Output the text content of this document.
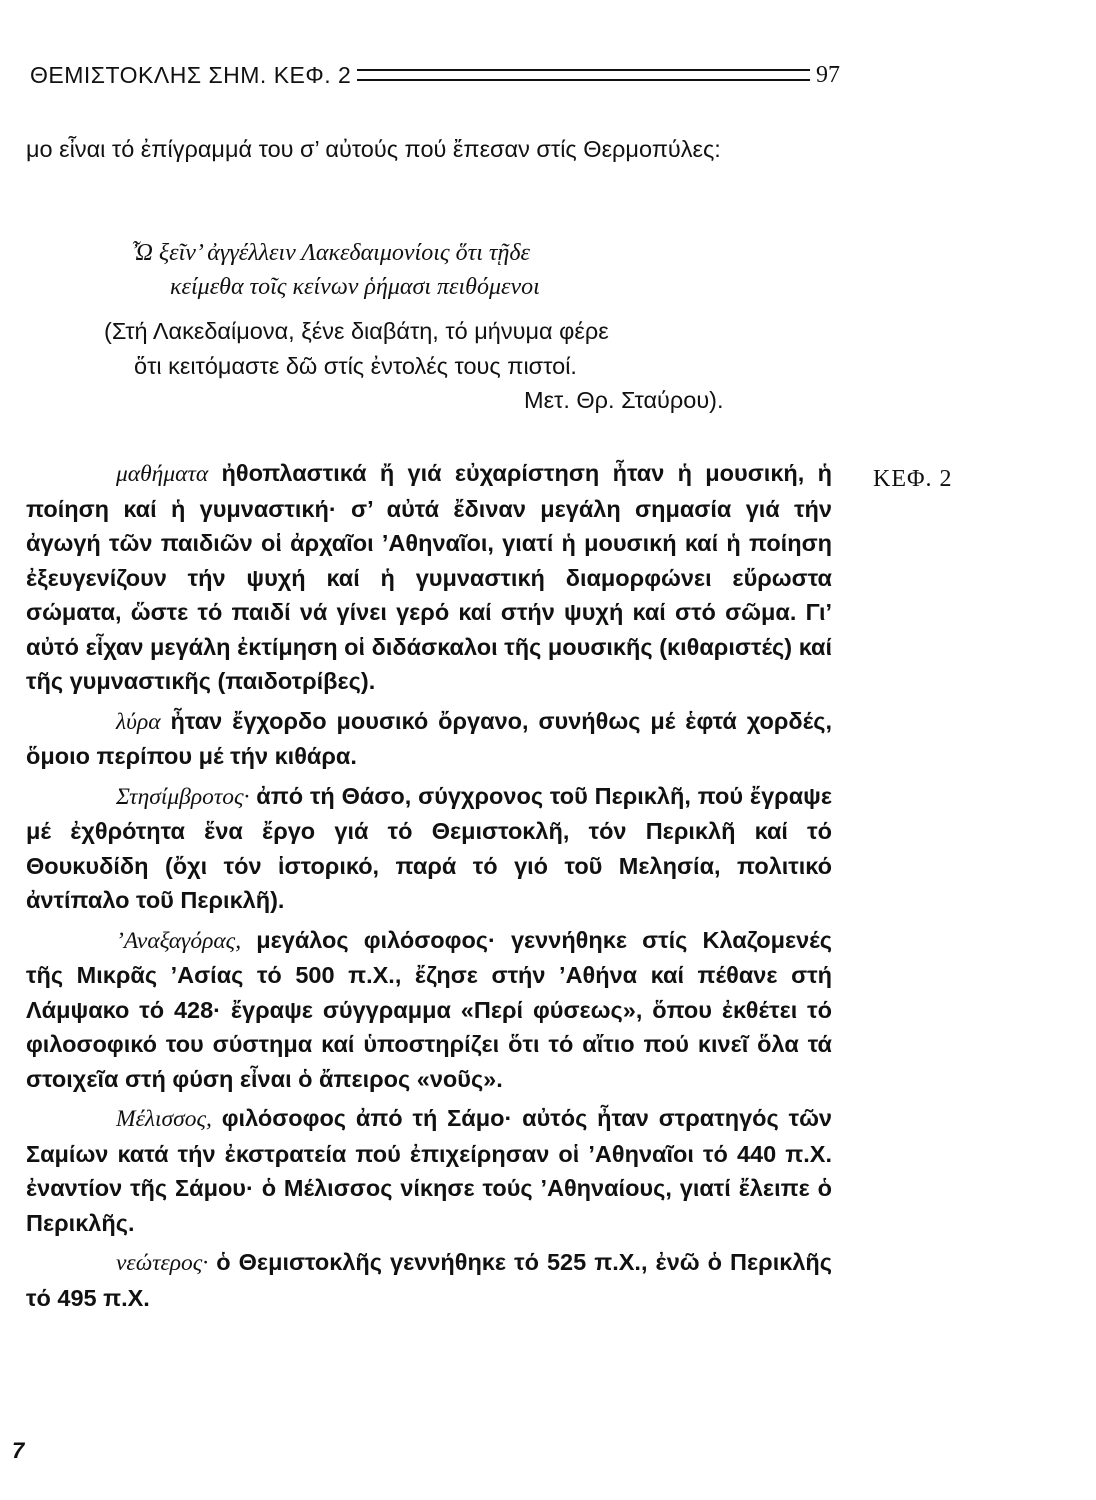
ΘΕΜΙΣΤΟΚΛΗΣ ΣΗΜ. ΚΕΦ. 2	97

μο εἶναι τό ἐπίγραμμά του σ’ αὐτούς πού ἔπεσαν στίς Θερμοπύλες:

Ὦ ξεῖν’ ἀγγέλλειν Λακεδαιμονίοις ὅτι τῇδε
κείμεθα τοῖς κείνων ῥήμασι πειθόμενοι
(Στή Λακεδαίμονα, ξένε διαβάτη, τό μήνυμα φέρε
ὅτι κειτόμαστε δῶ στίς ἐντολές τους πιστοί.
Μετ. Θρ. Σταύρου).
ΚΕΦ. 2

μαθήματα ἠθοπλαστικά ἤ γιά εὐχαρίστηση ἦταν ἡ μουσική, ἡ ποίηση καί ἡ γυμναστική· σ’ αὐτά ἔδιναν μεγάλη σημασία γιά τήν ἀγωγή τῶν παιδιῶν οἱ ἀρχαῖοι ’Αθηναῖοι, γιατί ἡ μουσική καί ἡ ποίηση ἐξευγενίζουν τήν ψυχή καί ἡ γυμναστική διαμορφώνει εὔρωστα σώματα, ὥστε τό παιδί νά γίνει γερό καί στήν ψυχή καί στό σῶμα. Γι’ αὐτό εἶχαν μεγάλη ἐκτίμηση οἱ διδάσκαλοι τῆς μουσικῆς (κιθαριστές) καί τῆς γυμναστικῆς (παιδοτρίβες).

λύρα ἦταν ἔγχορδο μουσικό ὄργανο, συνήθως μέ ἑφτά χορδές, ὅμοιο περίπου μέ τήν κιθάρα.

Στησίμβροτος· ἀπό τή Θάσο, σύγχρονος τοῦ Περικλῆ, πού ἔγραψε μέ ἐχθρότητα ἕνα ἔργο γιά τό Θεμιστοκλῆ, τόν Περικλῆ καί τό Θουκυδίδη (ὄχι τόν ἱστορικό, παρά τό γιό τοῦ Μελησία, πολιτικό ἀντίπαλο τοῦ Περικλῆ).

’Αναξαγόρας, μεγάλος φιλόσοφος· γεννήθηκε στίς Κλαζομενές τῆς Μικρᾶς ’Ασίας τό 500 π.Χ., ἔζησε στήν ’Αθήνα καί πέθανε στή Λάμψακο τό 428· ἔγραψε σύγγραμμα «Περί φύσεως», ὅπου ἐκθέτει τό φιλοσοφικό του σύστημα καί ὑποστηρίζει ὅτι τό αἴτιο πού κινεῖ ὅλα τά στοιχεῖα στή φύση εἶναι ὁ ἄπειρος «νοῦς».

Μέλισσος, φιλόσοφος ἀπό τή Σάμο· αὐτός ἦταν στρατηγός τῶν Σαμίων κατά τήν ἐκστρατεία πού ἐπιχείρησαν οἱ ’Αθηναῖοι τό 440 π.Χ. ἐναντίον τῆς Σάμου· ὁ Μέλισσος νίκησε τούς ’Αθηναίους, γιατί ἔλειπε ὁ Περικλῆς.

νεώτερος· ὁ Θεμιστοκλῆς γεννήθηκε τό 525 π.Χ., ἐνῶ ὁ Περικλῆς τό 495 π.Χ.

7
